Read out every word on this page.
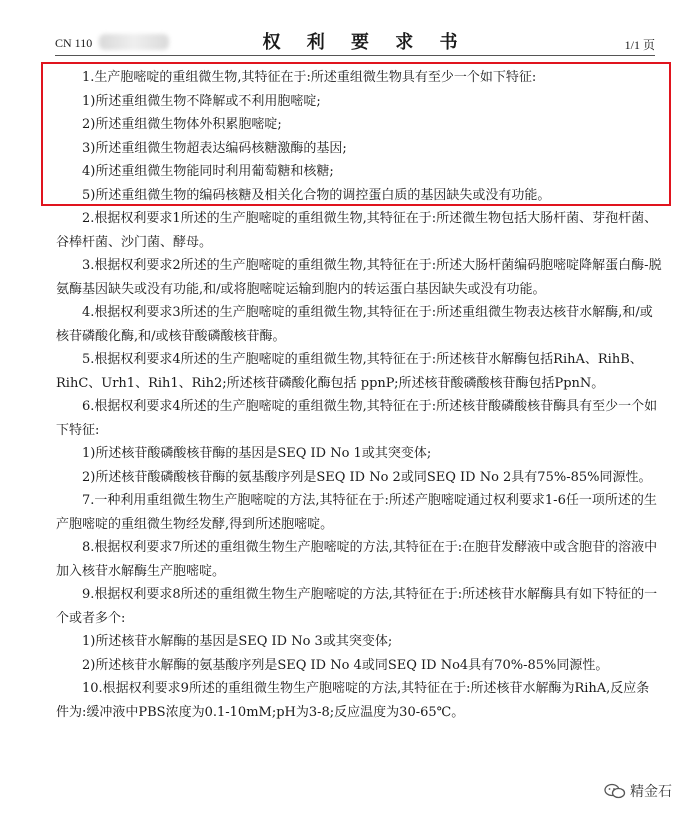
CN 110	权 利 要 求 书	1/1 页

1.生产胞嘧啶的重组微生物,其特征在于:所述重组微生物具有至少一个如下特征:

1)所述重组微生物不降解或不利用胞嘧啶;

2)所述重组微生物体外积累胞嘧啶;

3)所述重组微生物超表达编码核糖激酶的基因;

4)所述重组微生物能同时利用葡萄糖和核糖;

5)所述重组微生物的编码核糖及相关化合物的调控蛋白质的基因缺失或没有功能。

2.根据权利要求1所述的生产胞嘧啶的重组微生物,其特征在于:所述微生物包括大肠杆菌、芽孢杆菌、谷棒杆菌、沙门菌、酵母。

3.根据权利要求2所述的生产胞嘧啶的重组微生物,其特征在于:所述大肠杆菌编码胞嘧啶降解蛋白酶-脱氨酶基因缺失或没有功能,和/或将胞嘧啶运输到胞内的转运蛋白基因缺失或没有功能。

4.根据权利要求3所述的生产胞嘧啶的重组微生物,其特征在于:所述重组微生物表达核苷水解酶,和/或核苷磷酸化酶,和/或核苷酸磷酸核苷酶。

5.根据权利要求4所述的生产胞嘧啶的重组微生物,其特征在于:所述核苷水解酶包括RihA、RihB、RihC、Urh1、Rih1、Rih2;所述核苷磷酸化酶包括 ppnP;所述核苷酸磷酸核苷酶包括PpnN。

6.根据权利要求4所述的生产胞嘧啶的重组微生物,其特征在于:所述核苷酸磷酸核苷酶具有至少一个如下特征:

1)所述核苷酸磷酸核苷酶的基因是SEQ ID No 1或其突变体;

2)所述核苷酸磷酸核苷酶的氨基酸序列是SEQ ID No 2或同SEQ ID No 2具有75%-85%同源性。

7.一种利用重组微生物生产胞嘧啶的方法,其特征在于:所述产胞嘧啶通过权利要求1-6任一项所述的生产胞嘧啶的重组微生物经发酵,得到所述胞嘧啶。

8.根据权利要求7所述的重组微生物生产胞嘧啶的方法,其特征在于:在胞苷发酵液中或含胞苷的溶液中加入核苷水解酶生产胞嘧啶。

9.根据权利要求8所述的重组微生物生产胞嘧啶的方法,其特征在于:所述核苷水解酶具有如下特征的一个或者多个:

1)所述核苷水解酶的基因是SEQ ID No 3或其突变体;

2)所述核苷水解酶的氨基酸序列是SEQ ID No 4或同SEQ ID No4具有70%-85%同源性。

10.根据权利要求9所述的重组微生物生产胞嘧啶的方法,其特征在于:所述核苷水解酶为RihA,反应条件为:缓冲液中PBS浓度为0.1-10mM;pH为3-8;反应温度为30-65℃。

精金石
